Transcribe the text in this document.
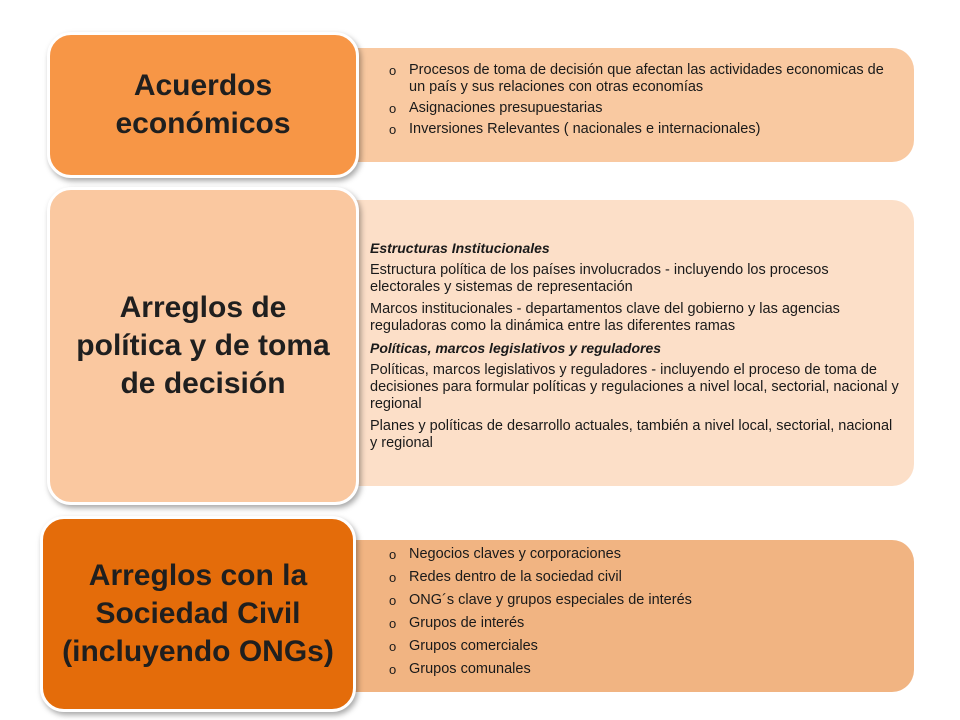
o Procesos de toma de decisión que afectan las actividades economicas de un país y sus relaciones con otras economías
o Asignaciones presupuestarias
o Inversiones Relevantes ( nacionales e internacionales)
Acuerdos económicos

Estructuras Institucionales

Estructura política de los países involucrados - incluyendo los procesos electorales y sistemas de representación

Marcos institucionales - departamentos clave del gobierno y las agencias reguladoras como la dinámica entre las diferentes ramas

Políticas, marcos legislativos y reguladores

Políticas, marcos legislativos y reguladores - incluyendo el proceso de toma de decisiones para formular políticas y regulaciones a nivel local, sectorial, nacional y regional

Planes y políticas de desarrollo actuales, también a nivel local, sectorial, nacional y regional

Arreglos de política y de toma de decisión
o Negocios claves y corporaciones
o Redes dentro de la sociedad civil
o ONG´s clave y grupos especiales de interés
o Grupos de interés
o Grupos comerciales
o Grupos comunales
Arreglos con la Sociedad Civil (incluyendo ONGs)
